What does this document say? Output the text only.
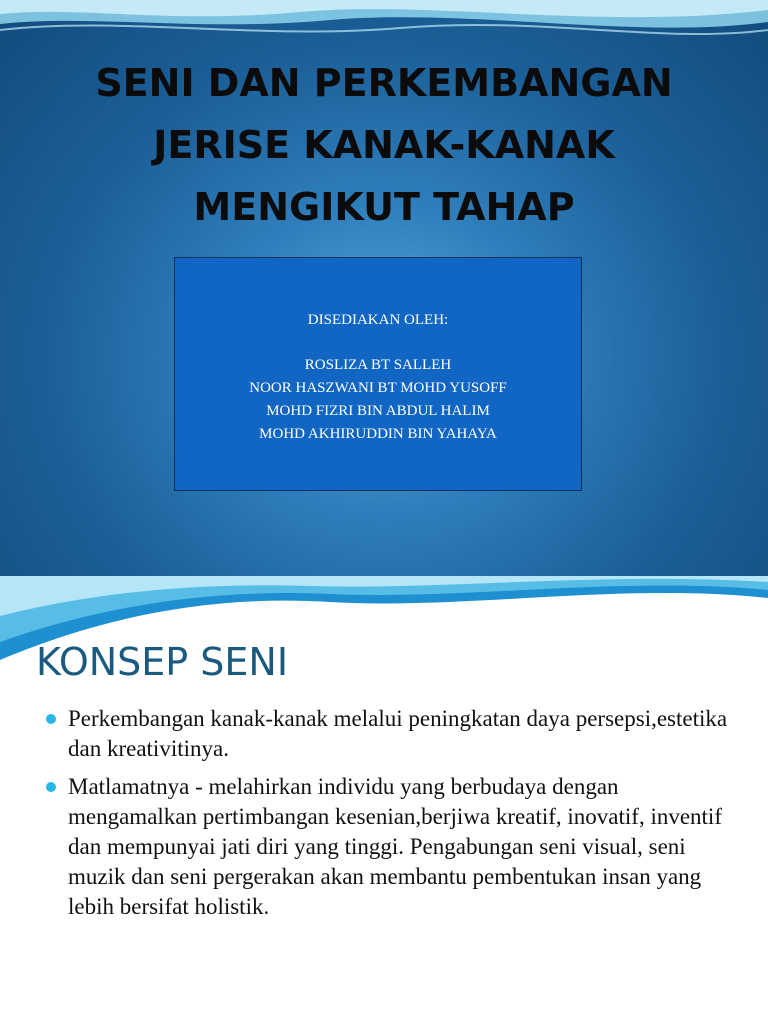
SENI DAN PERKEMBANGAN
JERISE KANAK-KANAK
MENGIKUT TAHAP
DISEDIAKAN OLEH:
ROSLIZA BT SALLEH
NOOR HASZWANI BT MOHD YUSOFF
MOHD FIZRI BIN ABDUL HALIM
MOHD AKHIRUDDIN BIN YAHAYA
KONSEP SENI
Perkembangan kanak-kanak melalui peningkatan daya persepsi,estetika dan kreativitinya.
Matlamatnya - melahirkan individu yang berbudaya dengan mengamalkan pertimbangan kesenian,berjiwa kreatif, inovatif, inventif dan mempunyai jati diri yang tinggi. Pengabungan seni visual, seni muzik dan seni pergerakan akan membantu pembentukan insan yang lebih bersifat holistik.
